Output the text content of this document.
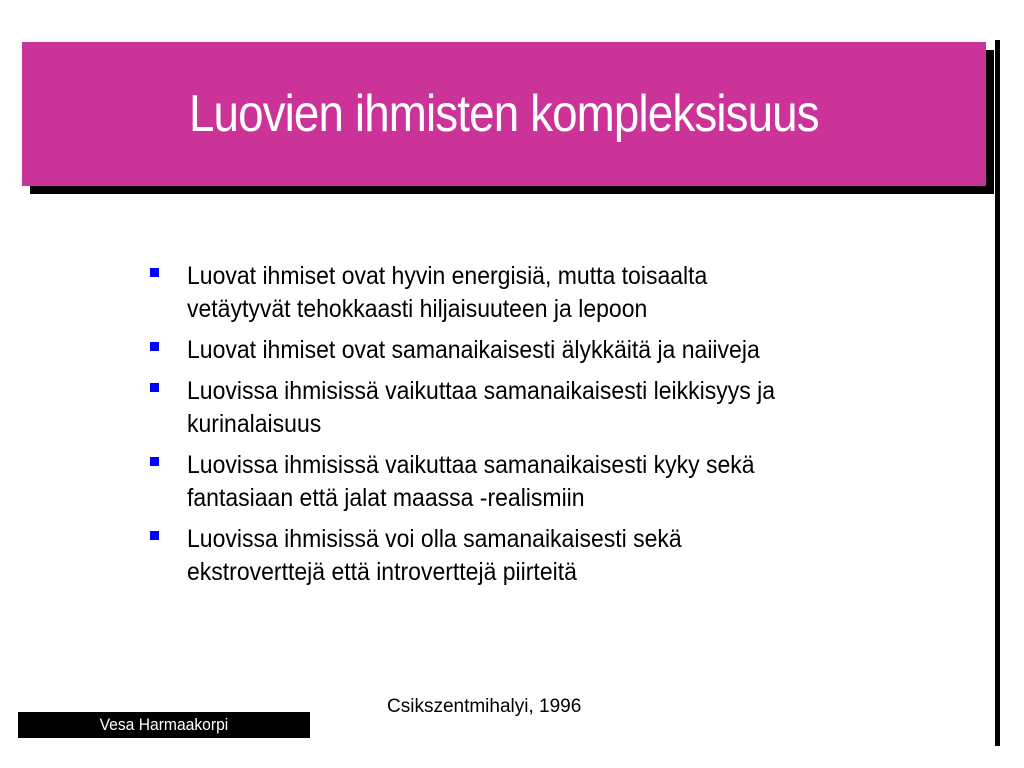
Luovien ihmisten kompleksisuus
Luovat ihmiset ovat hyvin energisiä, mutta toisaalta
vetäytyvät tehokkaasti hiljaisuuteen ja lepoon
Luovat ihmiset ovat samanaikaisesti älykkäitä ja naiiveja
Luovissa ihmisissä vaikuttaa samanaikaisesti leikkisyys ja
kurinalaisuus
Luovissa ihmisissä vaikuttaa samanaikaisesti kyky sekä
fantasiaan että jalat maassa -realismiin
Luovissa ihmisissä voi olla samanaikaisesti sekä
ekstroverttejä että introverttejä piirteitä
Csikszentmihalyi, 1996
Vesa Harmaakorpi
